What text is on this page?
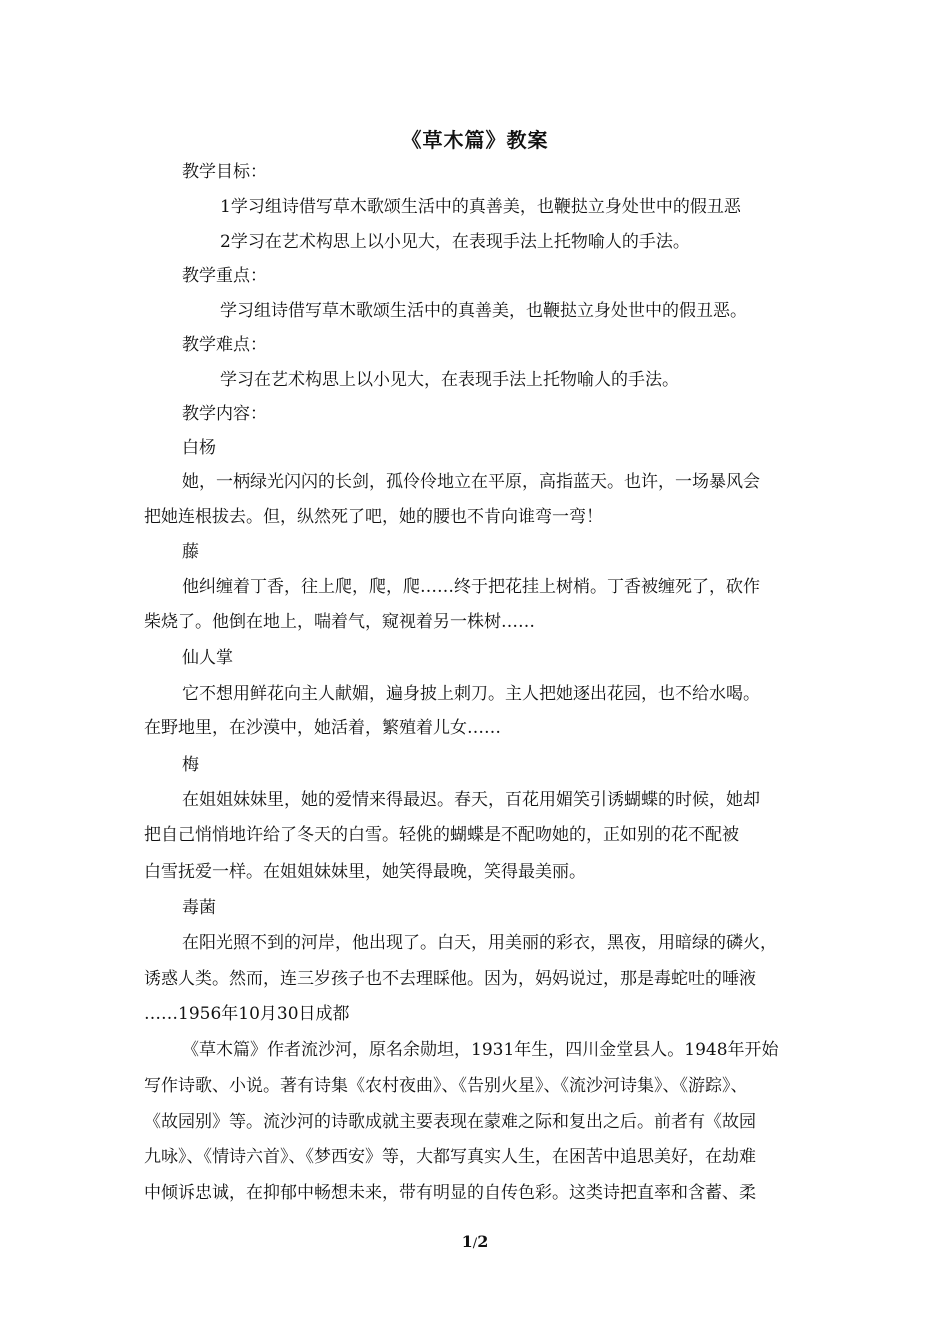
《草木篇》教案
教学目标：
1学习组诗借写草木歌颂生活中的真善美，也鞭挞立身处世中的假丑恶
2学习在艺术构思上以小见大，在表现手法上托物喻人的手法。
教学重点：
学习组诗借写草木歌颂生活中的真善美，也鞭挞立身处世中的假丑恶。
教学难点：
学习在艺术构思上以小见大，在表现手法上托物喻人的手法。
教学内容：
白杨
她，一柄绿光闪闪的长剑，孤伶伶地立在平原，高指蓝天。也许，一场暴风会
把她连根拔去。但，纵然死了吧，她的腰也不肯向谁弯一弯！
藤
他纠缠着丁香，往上爬，爬，爬……终于把花挂上树梢。丁香被缠死了，砍作
柴烧了。他倒在地上，喘着气，窥视着另一株树……
仙人掌
它不想用鲜花向主人献媚，遍身披上刺刀。主人把她逐出花园，也不给水喝。
在野地里，在沙漠中，她活着，繁殖着儿女……
梅
在姐姐妹妹里，她的爱情来得最迟。春天，百花用媚笑引诱蝴蝶的时候，她却
把自己悄悄地许给了冬天的白雪。轻佻的蝴蝶是不配吻她的，正如别的花不配被
白雪抚爱一样。在姐姐妹妹里，她笑得最晚，笑得最美丽。
毒菌
在阳光照不到的河岸，他出现了。白天，用美丽的彩衣，黑夜，用暗绿的磷火，
诱惑人类。然而，连三岁孩子也不去理睬他。因为，妈妈说过，那是毒蛇吐的唾液
……1956年10月30日成都
《草木篇》作者流沙河，原名余勋坦，1931年生，四川金堂县人。1948年开始
写作诗歌、小说。著有诗集《农村夜曲》、《告别火星》、《流沙河诗集》、《游踪》、
《故园别》等。流沙河的诗歌成就主要表现在蒙难之际和复出之后。前者有《故园
九咏》、《情诗六首》、《梦西安》等，大都写真实人生，在困苦中追思美好，在劫难
中倾诉忠诚，在抑郁中畅想未来，带有明显的自传色彩。这类诗把直率和含蓄、柔
1/2
